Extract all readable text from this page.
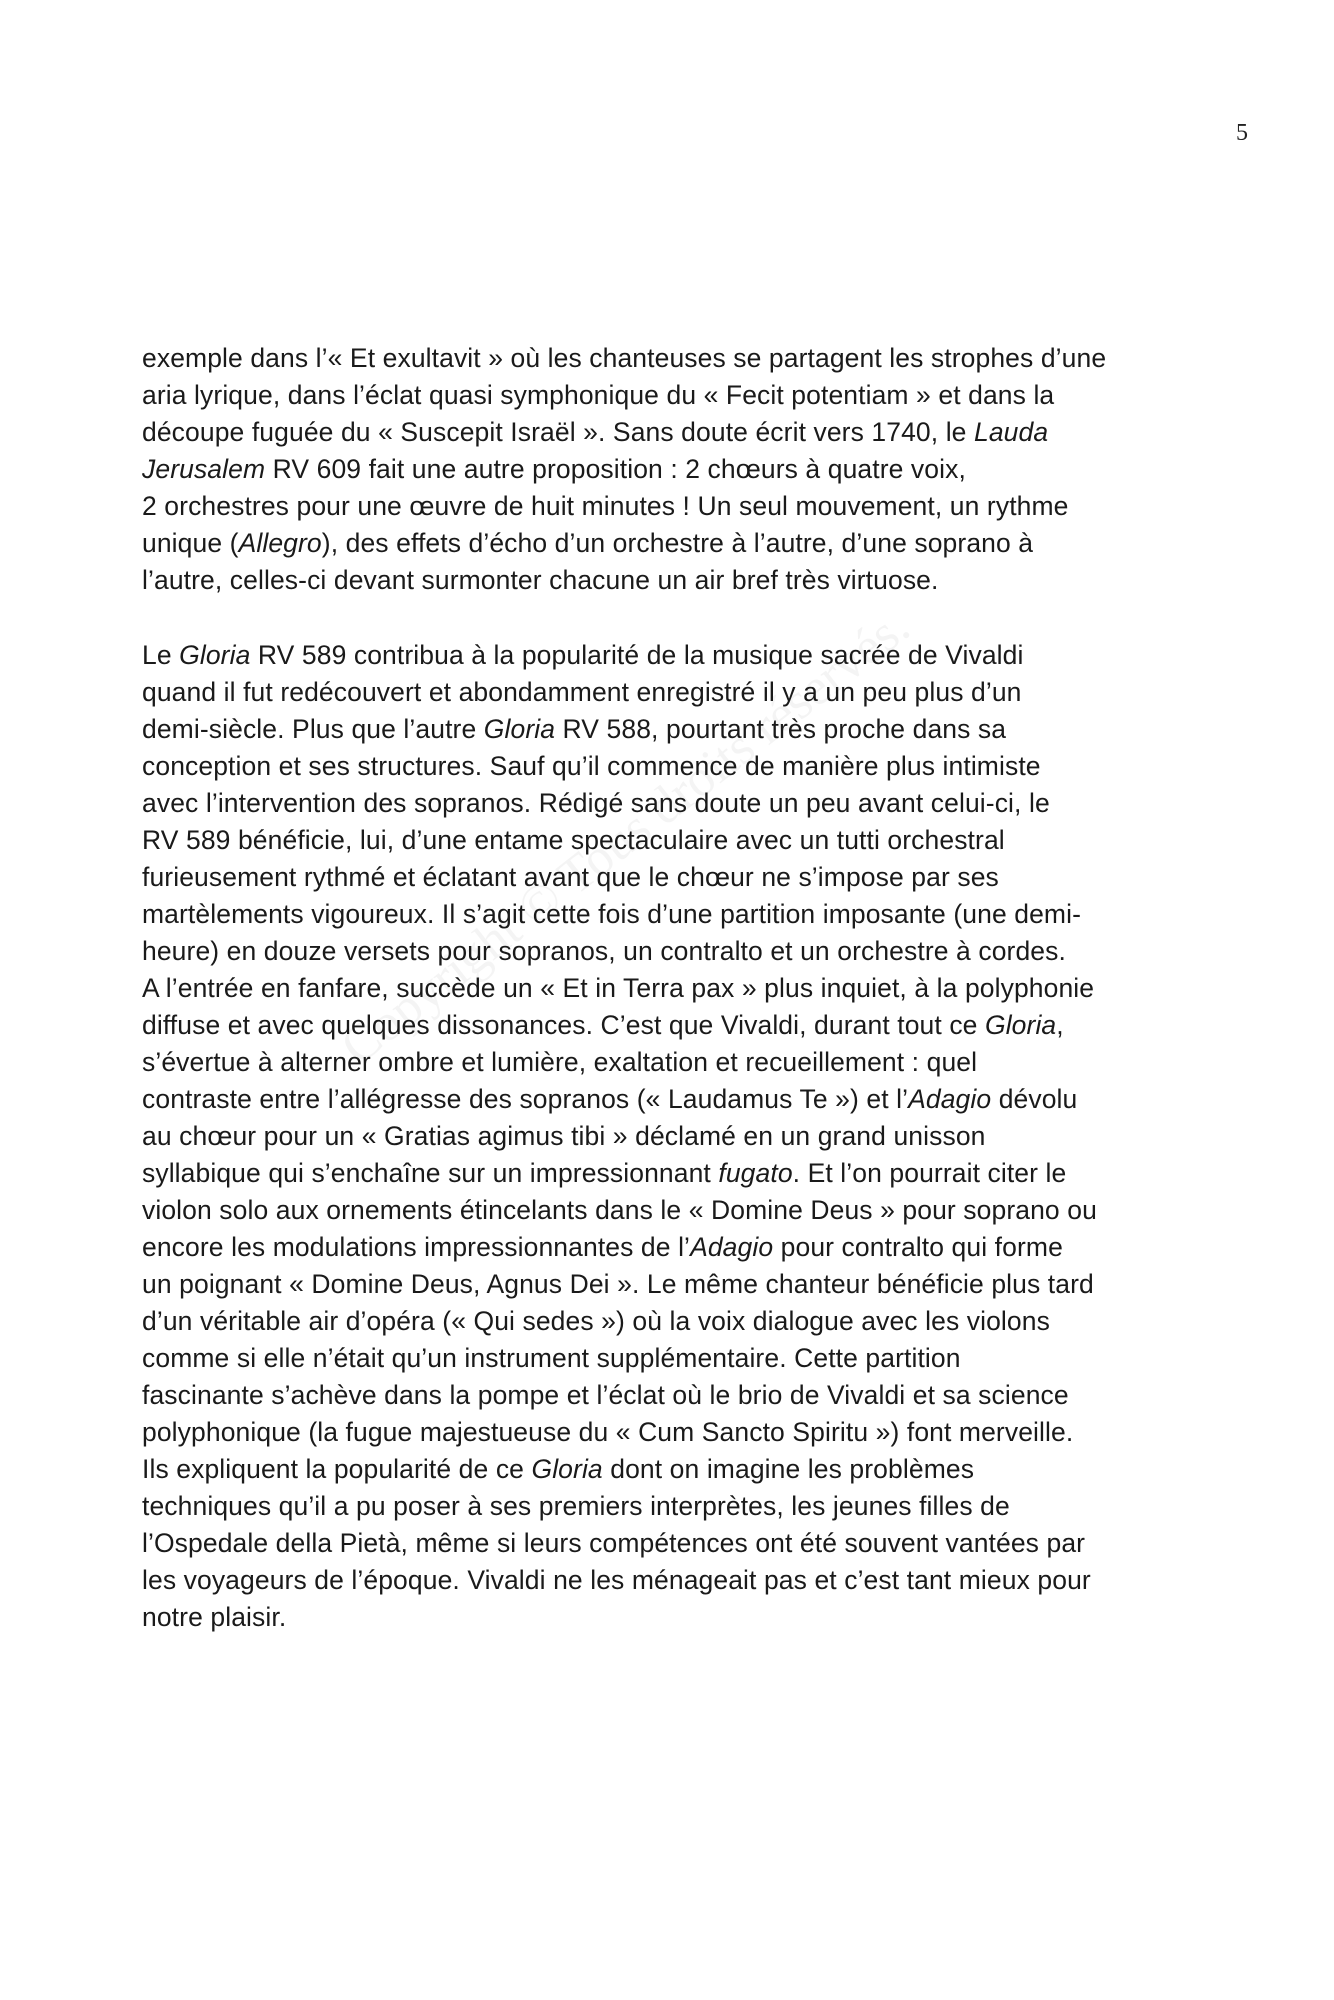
5

exemple dans l’« Et exultavit » où les chanteuses se partagent les strophes d’une
aria lyrique, dans l’éclat quasi symphonique du « Fecit potentiam » et dans la
découpe fuguée du « Suscepit Israël ». Sans doute écrit vers 1740, le Lauda
Jerusalem RV 609 fait une autre proposition : 2 chœurs à quatre voix,
2 orchestres pour une œuvre de huit minutes ! Un seul mouvement, un rythme
unique (Allegro), des effets d’écho d’un orchestre à l’autre, d’une soprano à
l’autre, celles-ci devant surmonter chacune un air bref très virtuose.

Le Gloria RV 589 contribua à la popularité de la musique sacrée de Vivaldi
quand il fut redécouvert et abondamment enregistré il y a un peu plus d’un
demi-siècle. Plus que l’autre Gloria RV 588, pourtant très proche dans sa
conception et ses structures. Sauf qu’il commence de manière plus intimiste
avec l’intervention des sopranos. Rédigé sans doute un peu avant celui-ci, le
RV 589 bénéficie, lui, d’une entame spectaculaire avec un tutti orchestral
furieusement rythmé et éclatant avant que le chœur ne s’impose par ses
martèlements vigoureux. Il s’agit cette fois d’une partition imposante (une demi-
heure) en douze versets pour sopranos, un contralto et un orchestre à cordes.
A l’entrée en fanfare, succède un « Et in Terra pax » plus inquiet, à la polyphonie
diffuse et avec quelques dissonances. C’est que Vivaldi, durant tout ce Gloria,
s’évertue à alterner ombre et lumière, exaltation et recueillement : quel
contraste entre l’allégresse des sopranos (« Laudamus Te ») et l’Adagio dévolu
au chœur pour un « Gratias agimus tibi » déclamé en un grand unisson
syllabique qui s’enchaîne sur un impressionnant fugato. Et l’on pourrait citer le
violon solo aux ornements étincelants dans le « Domine Deus » pour soprano ou
encore les modulations impressionnantes de l’Adagio pour contralto qui forme
un poignant « Domine Deus, Agnus Dei ». Le même chanteur bénéficie plus tard
d’un véritable air d’opéra (« Qui sedes ») où la voix dialogue avec les violons
comme si elle n’était qu’un instrument supplémentaire. Cette partition
fascinante s’achève dans la pompe et l’éclat où le brio de Vivaldi et sa science
polyphonique (la fugue majestueuse du « Cum Sancto Spiritu ») font merveille.
Ils expliquent la popularité de ce Gloria dont on imagine les problèmes
techniques qu’il a pu poser à ses premiers interprètes, les jeunes filles de
l’Ospedale della Pietà, même si leurs compétences ont été souvent vantées par
les voyageurs de l’époque. Vivaldi ne les ménageait pas et c’est tant mieux pour
notre plaisir.
